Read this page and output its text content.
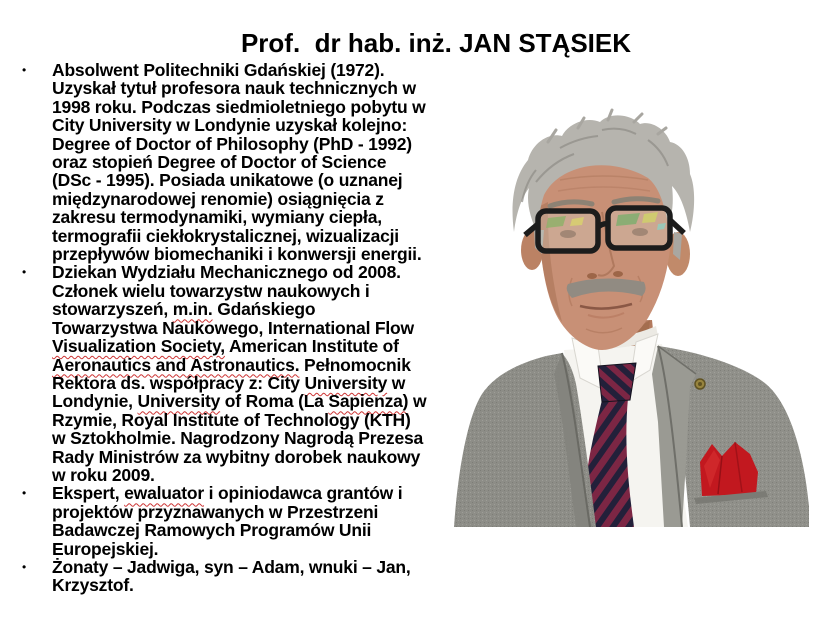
Prof.  dr hab. inż. JAN STĄSIEK
•	Absolwent Politechniki Gdańskiej (1972).
Uzyskał tytuł profesora nauk technicznych w
1998 roku. Podczas siedmioletniego pobytu w
City University w Londynie uzyskał kolejno:
Degree of Doctor of Philosophy (PhD - 1992)
oraz stopień Degree of Doctor of Science
(DSc - 1995). Posiada unikatowe (o uznanej
międzynarodowej renomie) osiągnięcia z
zakresu termodynamiki, wymiany ciepła,
termografii ciekłokrystalicznej, wizualizacji
przepływów biomechaniki i konwersji energii.
•	Dziekan Wydziału Mechanicznego od 2008.
Członek wielu towarzystw naukowych i
stowarzyszeń, m.in. Gdańskiego
Towarzystwa Naukowego, International Flow
Visualization Society, American Institute of
Aeronautics and Astronautics. Pełnomocnik
Rektora ds. współpracy z: City University w
Londynie, University of Roma (La Sapienza) w
Rzymie, Royal Institute of Technology (KTH)
w Sztokholmie. Nagrodzony Nagrodą Prezesa
Rady Ministrów za wybitny dorobek naukowy
w roku 2009.
•	Ekspert, ewaluator i opiniodawca grantów i
projektów przyznawanych w Przestrzeni
Badawczej Ramowych Programów Unii
Europejskiej.
•	Żonaty – Jadwiga, syn – Adam, wnuki – Jan,
Krzysztof.
